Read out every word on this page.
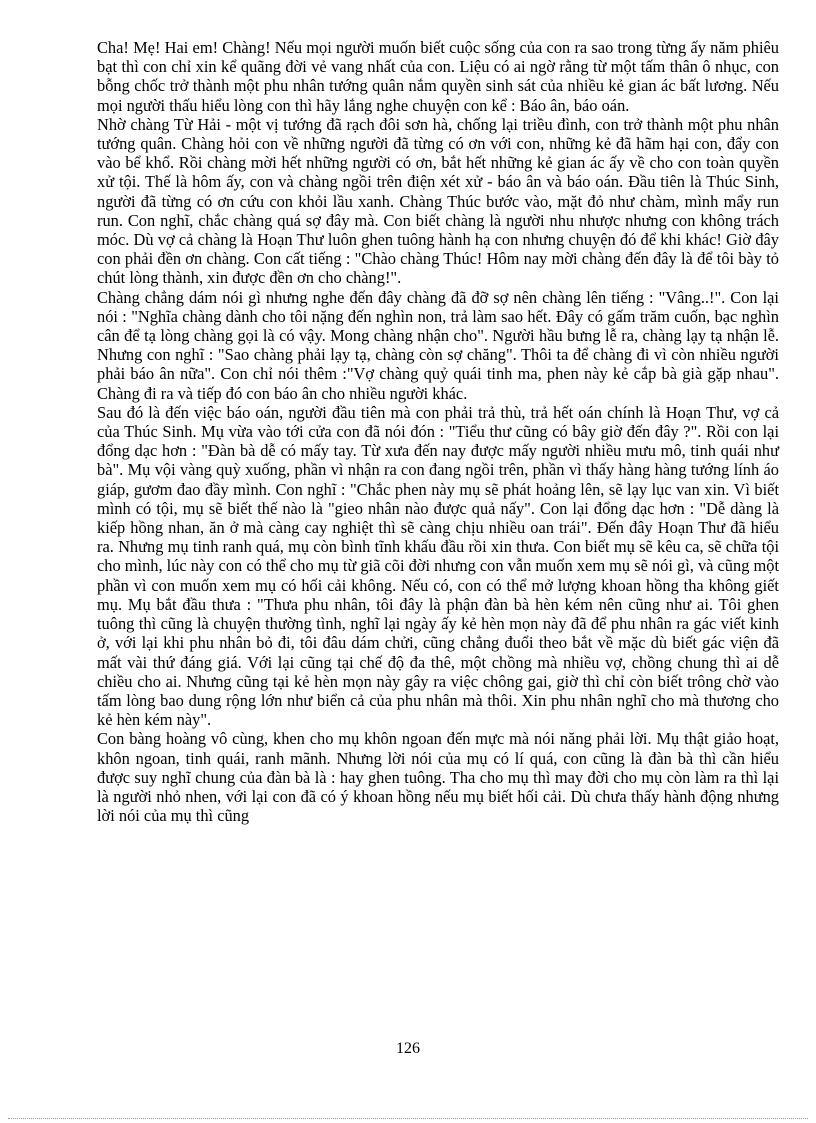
Cha! Mẹ! Hai em! Chàng! Nếu mọi người muốn biết cuộc sống của con ra sao trong từng ấy năm phiêu bạt thì con chỉ xin kể quãng đời vẻ vang nhất của con. Liệu có ai ngờ rằng từ một tấm thân ô nhục, con bỗng chốc trở thành một phu nhân tướng quân nắm quyền sinh sát của nhiều kẻ gian ác bất lương. Nếu mọi người thấu hiểu lòng con thì hãy lắng nghe chuyện con kể : Báo ân, báo oán.

Nhờ chàng Từ Hải - một vị tướng đã rạch đôi sơn hà, chống lại triều đình, con trở thành một phu nhân tướng quân. Chàng hỏi con về những người đã từng có ơn với con, những kẻ đã hãm hại con, đẩy con vào bể khổ. Rồi chàng mời hết những người có ơn, bắt hết những kẻ gian ác ấy về cho con toàn quyền xử tội. Thế là hôm ấy, con và chàng ngồi trên điện xét xử - báo ân và báo oán. Đầu tiên là Thúc Sinh, người đã từng có ơn cứu con khỏi lầu xanh. Chàng Thúc bước vào, mặt đỏ như chàm, mình mẩy run run. Con nghĩ, chắc chàng quá sợ đây mà. Con biết chàng là người nhu nhược nhưng con không trách móc. Dù vợ cả chàng là Hoạn Thư luôn ghen tuông hành hạ con nhưng chuyện đó để khi khác! Giờ đây con phải đền ơn chàng. Con cất tiếng : "Chào chàng Thúc! Hôm nay mời chàng đến đây là để tôi bày tỏ chút lòng thành, xin được đền ơn cho chàng!".

Chàng chẳng dám nói gì nhưng nghe đến đây chàng đã đỡ sợ nên chàng lên tiếng : "Vâng..!". Con lại nói : "Nghĩa chàng dành cho tôi nặng đến nghìn non, trả làm sao hết. Đây có gấm trăm cuốn, bạc nghìn cân để tạ lòng chàng gọi là có vậy. Mong chàng nhận cho". Người hầu bưng lễ ra, chàng lạy tạ nhận lễ. Nhưng con nghĩ : "Sao chàng phải lạy tạ, chàng còn sợ chăng". Thôi ta để chàng đi vì còn nhiều người phải báo ân nữa". Con chỉ nói thêm :"Vợ chàng quỷ quái tinh ma, phen này kẻ cắp bà già gặp nhau". Chàng đi ra và tiếp đó con báo ân cho nhiều người khác.

Sau đó là đến việc báo oán, người đầu tiên mà con phải trả thù, trả hết oán chính là Hoạn Thư, vợ cả của Thúc Sinh. Mụ vừa vào tới cửa con đã nói đón : "Tiểu thư cũng có bây giờ đến đây ?". Rồi con lại đổng dạc hơn : "Đàn bà dễ có mấy tay. Từ xưa đến nay được mấy người nhiều mưu mô, tinh quái như bà". Mụ vội vàng quỳ xuống, phần vì nhận ra con đang ngồi trên, phần vì thấy hàng hàng tướng lính áo giáp, gươm đao đầy mình. Con nghĩ : "Chắc phen này mụ sẽ phát hoảng lên, sẽ lạy lục van xin. Vì biết mình có tội, mụ sẽ biết thế nào là "gieo nhân nào được quả nấy". Con lại đổng dạc hơn : "Dễ dàng là kiếp hồng nhan, ăn ở mà càng cay nghiệt thì sẽ càng chịu nhiều oan trái". Đến đây Hoạn Thư đã hiểu ra. Nhưng mụ tinh ranh quá, mụ còn bình tĩnh khấu đầu rồi xin thưa. Con biết mụ sẽ kêu ca, sẽ chữa tội cho mình, lúc này con có thể cho mụ từ giã cõi đời nhưng con vẫn muốn xem mụ sẽ nói gì, và cũng một phần vì con muốn xem mụ có hối cải không. Nếu có, con có thể mở lượng khoan hồng tha không giết mụ. Mụ bắt đầu thưa : "Thưa phu nhân, tôi đây là phận đàn bà hèn kém nên cũng như ai. Tôi ghen tuông thì cũng là chuyện thường tình, nghĩ lại ngày ấy kẻ hèn mọn này đã để phu nhân ra gác viết kinh ở, với lại khi phu nhân bỏ đi, tôi đâu dám chửi, cũng chẳng đuổi theo bắt về mặc dù biết gác viện đã mất vài thứ đáng giá. Với lại cũng tại chế độ đa thê, một chồng mà nhiều vợ, chồng chung thì ai dễ chiều cho ai. Nhưng cũng tại kẻ hèn mọn này gây ra việc chông gai, giờ thì chỉ còn biết trông chờ vào tấm lòng bao dung rộng lớn như biển cả của phu nhân mà thôi. Xin phu nhân nghĩ cho mà thương cho kẻ hèn kém này".

Con bàng hoàng vô cùng, khen cho mụ khôn ngoan đến mực mà nói năng phải lời. Mụ thật giảo hoạt, khôn ngoan, tinh quái, ranh mãnh. Nhưng lời nói của mụ có lí quá, con cũng là đàn bà thì cần hiểu được suy nghĩ chung của đàn bà là : hay ghen tuông. Tha cho mụ thì may đời cho mụ còn làm ra thì lại là người nhỏ nhen, với lại con đã có ý khoan hồng nếu mụ biết hối cải. Dù chưa thấy hành động nhưng lời nói của mụ thì cũng

126
